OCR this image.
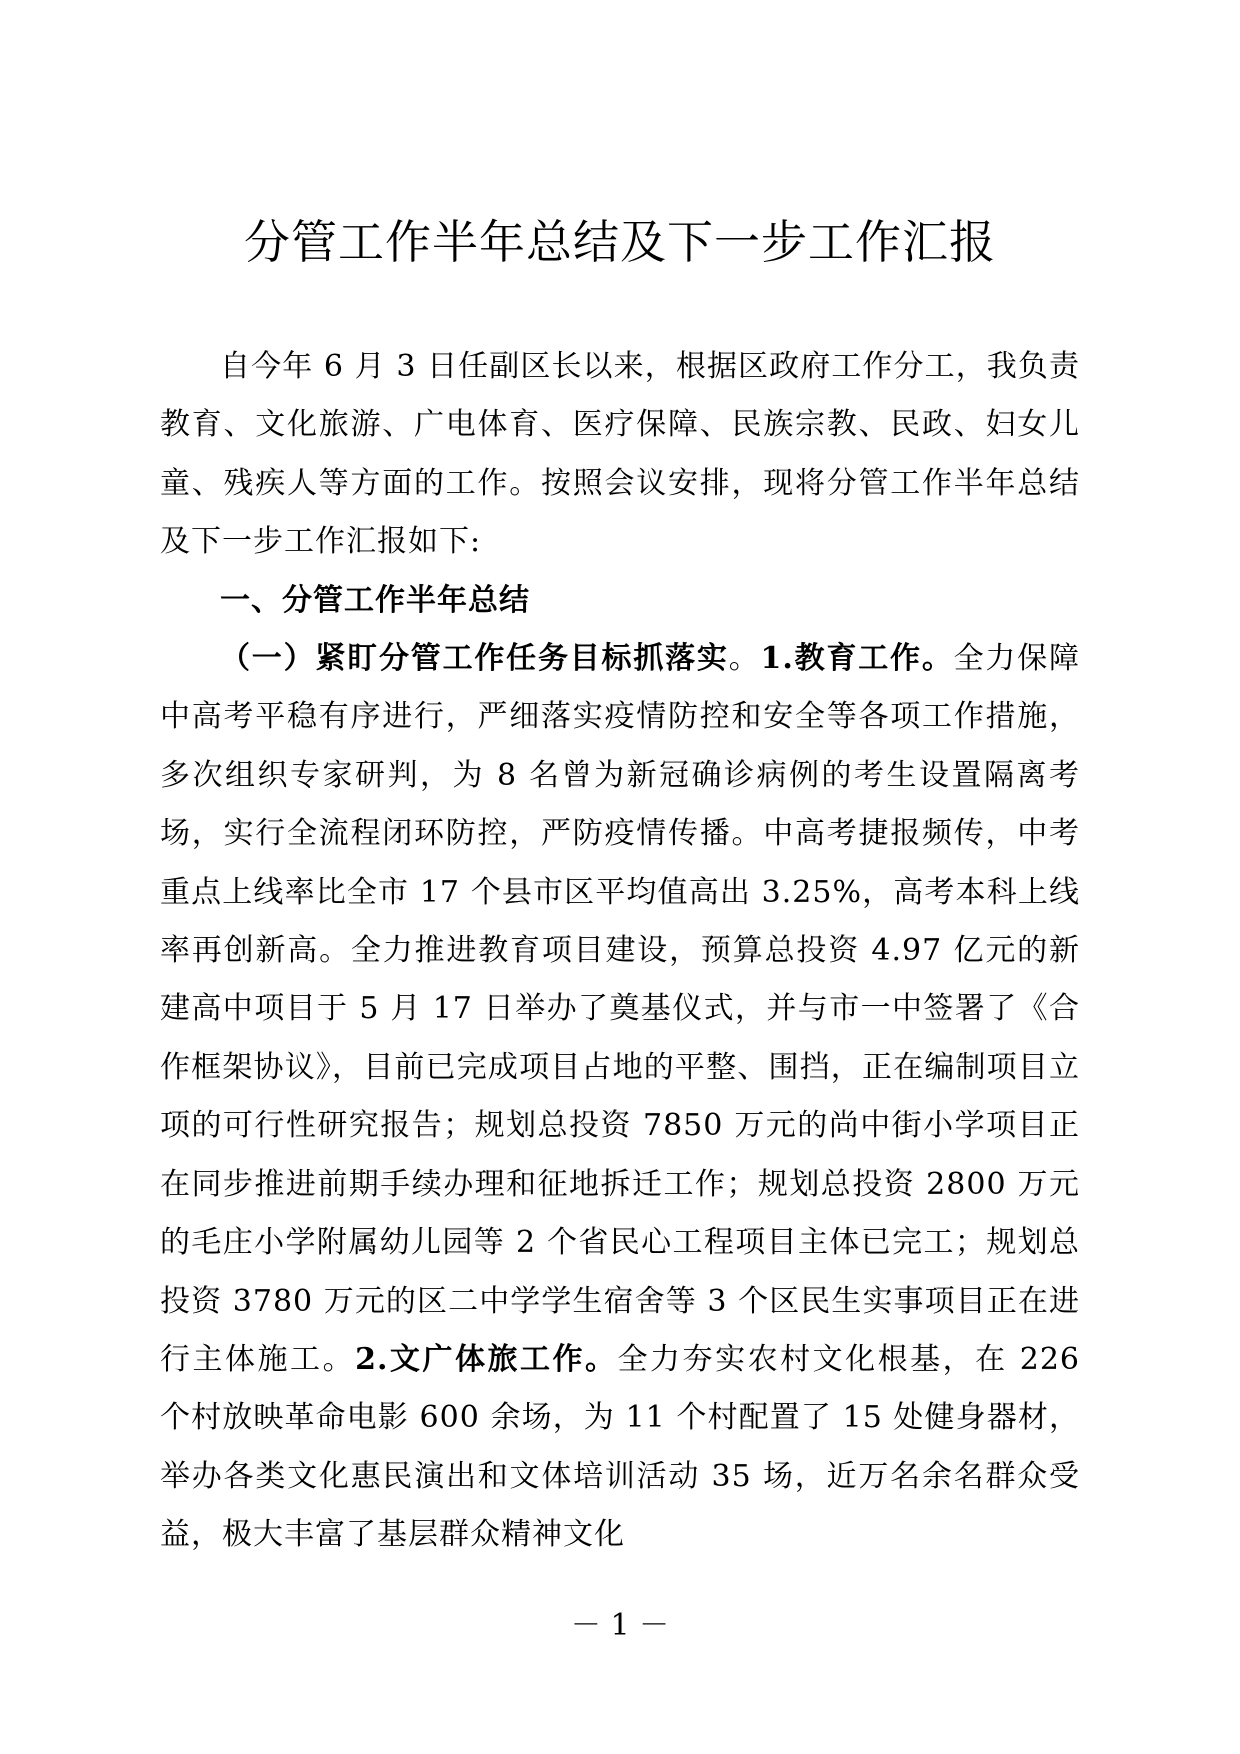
分管工作半年总结及下一步工作汇报

自今年 6 月 3 日任副区长以来，根据区政府工作分工，我负责教育、文化旅游、广电体育、医疗保障、民族宗教、民政、妇女儿童、残疾人等方面的工作。按照会议安排，现将分管工作半年总结及下一步工作汇报如下:

一、分管工作半年总结

（一）紧盯分管工作任务目标抓落实。1.教育工作。全力保障中高考平稳有序进行，严细落实疫情防控和安全等各项工作措施，多次组织专家研判，为 8 名曾为新冠确诊病例的考生设置隔离考场，实行全流程闭环防控，严防疫情传播。中高考捷报频传，中考重点上线率比全市 17 个县市区平均值高出 3.25%，高考本科上线率再创新高。全力推进教育项目建设，预算总投资 4.97 亿元的新建高中项目于 5 月 17 日举办了奠基仪式，并与市一中签署了《合作框架协议》，目前已完成项目占地的平整、围挡，正在编制项目立项的可行性研究报告；规划总投资 7850 万元的尚中街小学项目正在同步推进前期手续办理和征地拆迁工作；规划总投资 2800 万元的毛庄小学附属幼儿园等 2 个省民心工程项目主体已完工；规划总投资 3780 万元的区二中学学生宿舍等 3 个区民生实事项目正在进行主体施工。2.文广体旅工作。全力夯实农村文化根基，在 226 个村放映革命电影 600 余场，为 11 个村配置了 15 处健身器材，举办各类文化惠民演出和文体培训活动 35 场，近万名余名群众受益，极大丰富了基层群众精神文化

－ 1 －
